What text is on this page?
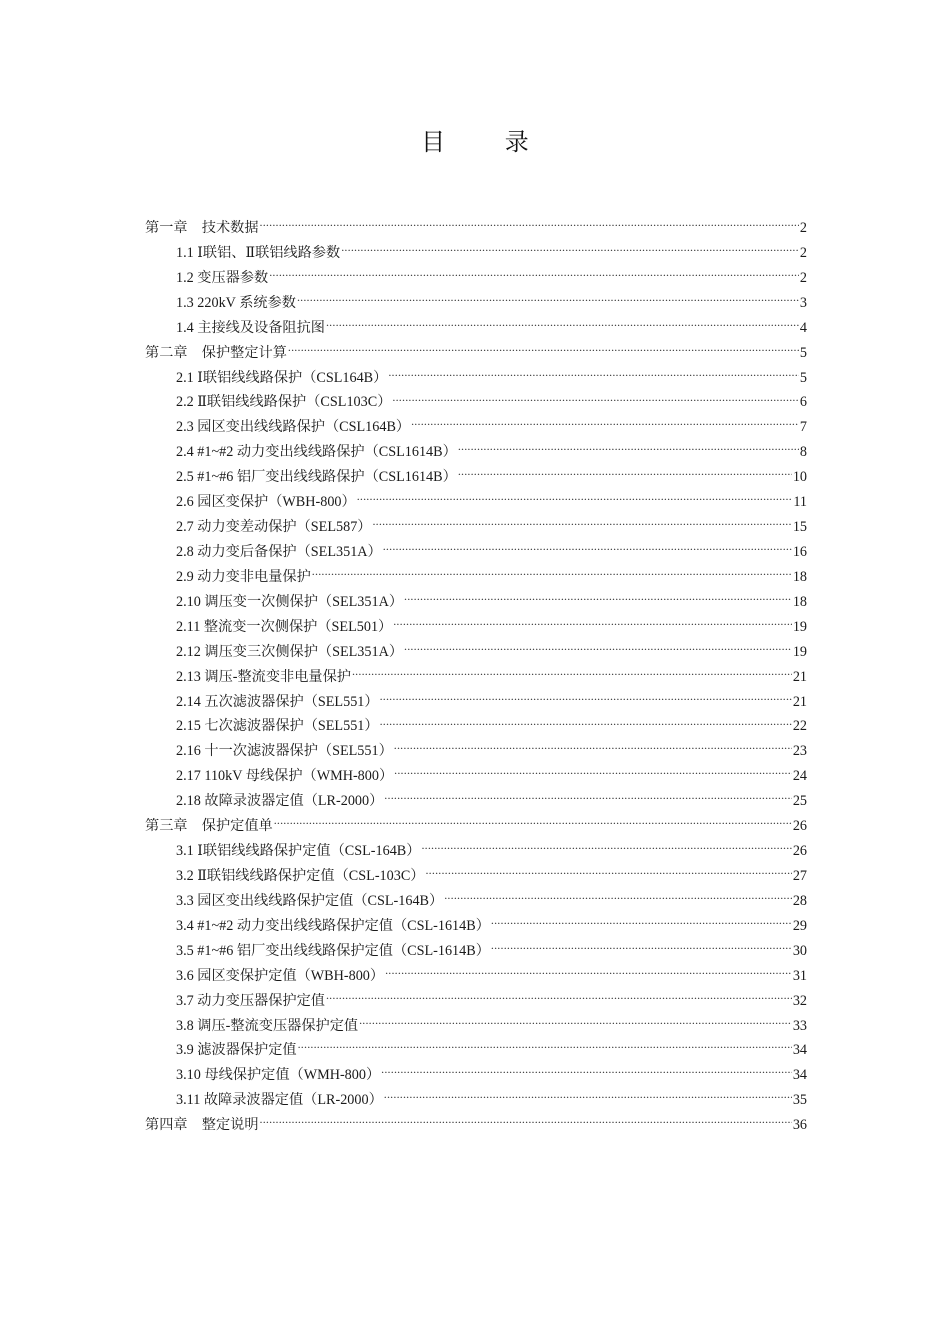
目 录
第一章　技术数据 .....	2
1.1 Ⅰ联铝、Ⅱ联铝线路参数 .....	2
1.2 变压器参数 .....	2
1.3 220kV 系统参数 .....	3
1.4 主接线及设备阻抗图 .....	4
第二章　保护整定计算 .....	5
2.1 Ⅰ联铝线线路保护（CSL164B） .....	5
2.2 Ⅱ联铝线线路保护（CSL103C） .....	6
2.3 园区变出线线路保护（CSL164B） .....	7
2.4 #1~#2 动力变出线线路保护（CSL1614B） .....	8
2.5 #1~#6 铝厂变出线线路保护（CSL1614B） .....	10
2.6 园区变保护（WBH-800） .....	11
2.7 动力变差动保护（SEL587） .....	15
2.8 动力变后备保护（SEL351A） .....	16
2.9 动力变非电量保护 .....	18
2.10 调压变一次侧保护（SEL351A） .....	18
2.11 整流变一次侧保护（SEL501） .....	19
2.12 调压变三次侧保护（SEL351A） .....	19
2.13 调压-整流变非电量保护 .....	21
2.14 五次滤波器保护（SEL551） .....	21
2.15 七次滤波器保护（SEL551） .....	22
2.16 十一次滤波器保护（SEL551） .....	23
2.17 110kV 母线保护（WMH-800） .....	24
2.18 故障录波器定值（LR-2000） .....	25
第三章　保护定值单 .....	26
3.1 Ⅰ联铝线线路保护定值（CSL-164B） .....	26
3.2 Ⅱ联铝线线路保护定值（CSL-103C） .....	27
3.3 园区变出线线路保护定值（CSL-164B） .....	28
3.4 #1~#2 动力变出线线路保护定值（CSL-1614B） .....	29
3.5 #1~#6 铝厂变出线线路保护定值（CSL-1614B） .....	30
3.6 园区变保护定值（WBH-800） .....	31
3.7 动力变压器保护定值 .....	32
3.8 调压-整流变压器保护定值 .....	33
3.9 滤波器保护定值 .....	34
3.10 母线保护定值（WMH-800） .....	34
3.11 故障录波器定值（LR-2000） .....	35
第四章　整定说明 .....	36
